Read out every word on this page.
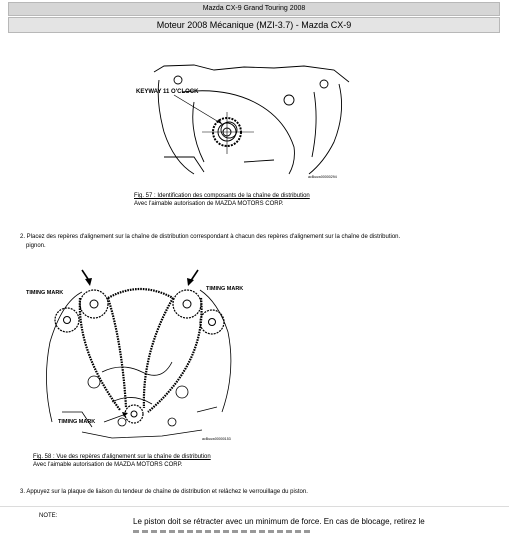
Mazda CX-9 Grand Touring 2008
Moteur 2008 Mécanique (MZI-3.7) - Mazda CX-9
KEYWAY 11 O'CLOCK
acBuuw00000294
Fig. 57 : Identification des composants de la chaîne de distribution
Avec l'aimable autorisation de MAZDA MOTORS CORP.
2. Placez des repères d'alignement sur la chaîne de distribution correspondant à chacun des repères d'alignement sur la chaîne de distribution.
pignon.
TIMING MARK
TIMING MARK
TIMING MARK
acBuuw00000153
Fig. 58 : Vue des repères d'alignement sur la chaîne de distribution
Avec l'aimable autorisation de MAZDA MOTORS CORP.
3. Appuyez sur la plaque de liaison du tendeur de chaîne de distribution et relâchez le verrouillage du piston.
NOTE:
Le piston doit se rétracter avec un minimum de force. En cas de blocage, retirez le
